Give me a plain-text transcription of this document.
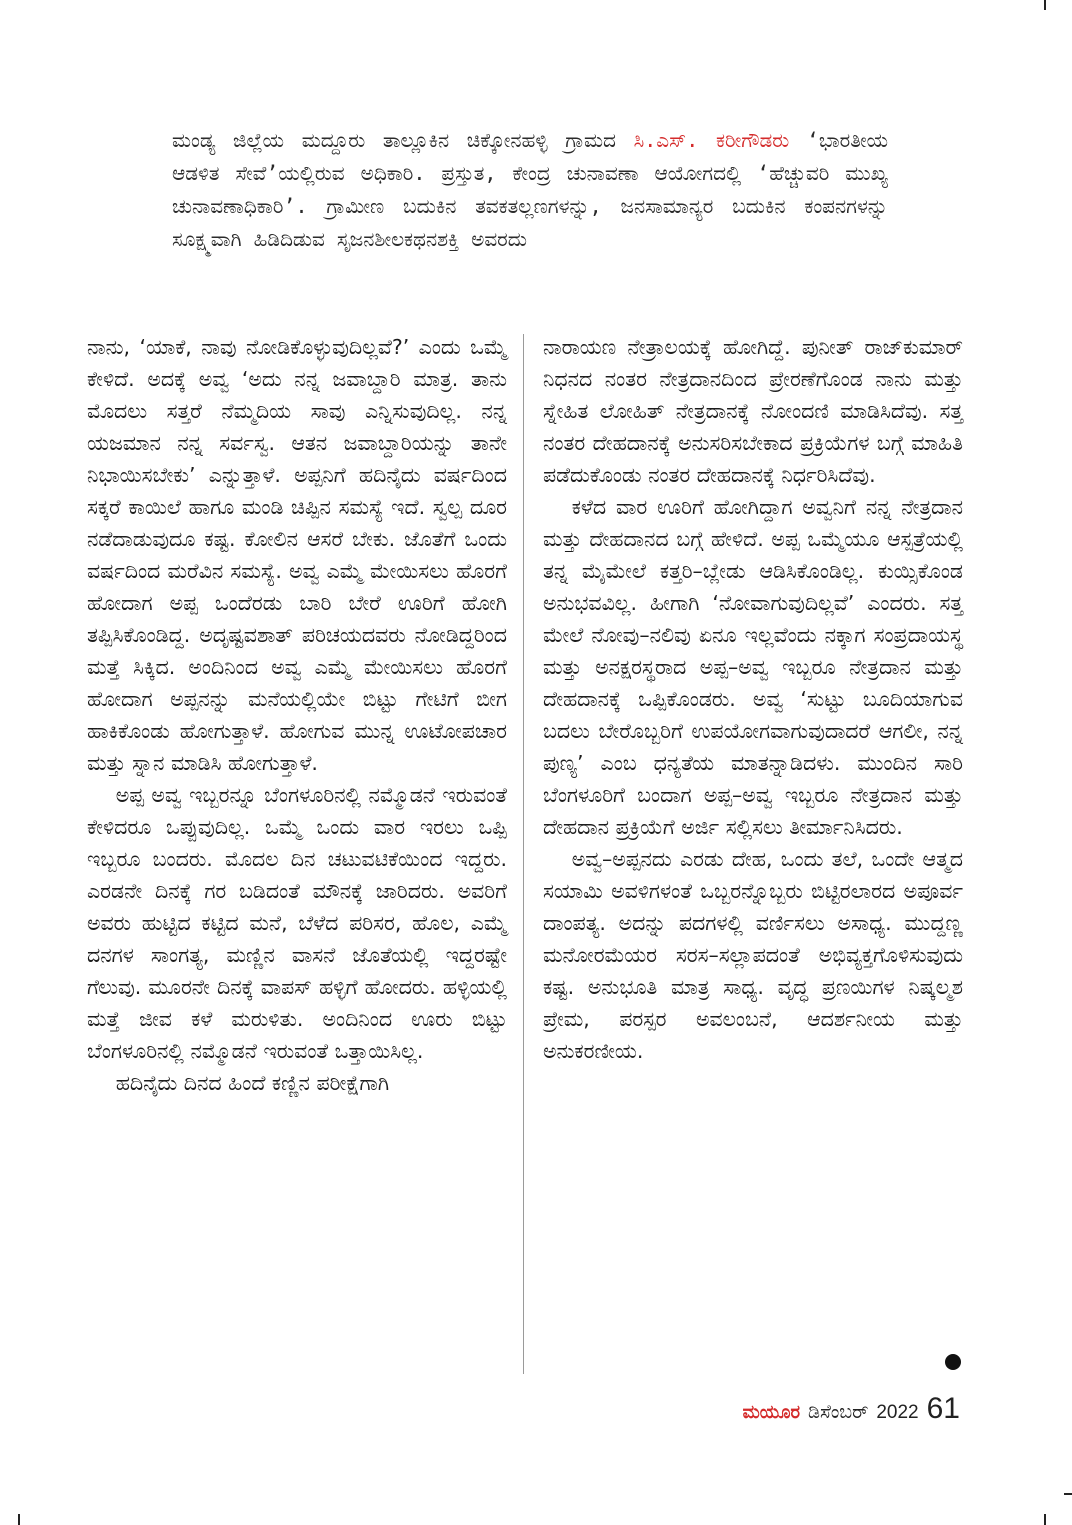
ಮಂಡ್ಯ ಜಿಲ್ಲೆಯ ಮದ್ದೂರು ತಾಲ್ಲೂಕಿನ ಚಿಕ್ಕೋನಹಳ್ಳಿ ಗ್ರಾಮದ ಸಿ.ಎಸ್. ಕರೀಗೌಡರು ‘ಭಾರತೀಯ ಆಡಳಿತ ಸೇವೆ’ಯಲ್ಲಿರುವ ಅಧಿಕಾರಿ. ಪ್ರಸ್ತುತ, ಕೇಂದ್ರ ಚುನಾವಣಾ ಆಯೋಗದಲ್ಲಿ ‘ಹೆಚ್ಚುವರಿ ಮುಖ್ಯ ಚುನಾವಣಾಧಿಕಾರಿ’. ಗ್ರಾಮೀಣ ಬದುಕಿನ ತವಕತಲ್ಲಣಗಳನ್ನು, ಜನಸಾಮಾನ್ಯರ ಬದುಕಿನ ಕಂಪನಗಳನ್ನು ಸೂಕ್ಷ್ಮವಾಗಿ ಹಿಡಿದಿಡುವ ಸೃಜನಶೀಲಕಥನಶಕ್ತಿ ಅವರದು

ನಾನು, ‘ಯಾಕೆ, ನಾವು ನೋಡಿಕೊಳ್ಳುವುದಿಲ್ಲವೆ?’ ಎಂದು ಒಮ್ಮೆ ಕೇಳಿದೆ. ಅದಕ್ಕೆ ಅವ್ವ ‘ಅದು ನನ್ನ ಜವಾಬ್ದಾರಿ ಮಾತ್ರ. ತಾನು ಮೊದಲು ಸತ್ತರೆ ನೆಮ್ಮದಿಯ ಸಾವು ಎನ್ನಿಸುವುದಿಲ್ಲ. ನನ್ನ ಯಜಮಾನ ನನ್ನ ಸರ್ವಸ್ವ. ಆತನ ಜವಾಬ್ದಾರಿಯನ್ನು ತಾನೇ ನಿಭಾಯಿಸಬೇಕು’ ಎನ್ನುತ್ತಾಳೆ. ಅಪ್ಪನಿಗೆ ಹದಿನೈದು ವರ್ಷದಿಂದ ಸಕ್ಕರೆ ಕಾಯಿಲೆ ಹಾಗೂ ಮಂಡಿ ಚಿಪ್ಪಿನ ಸಮಸ್ಯೆ ಇದೆ. ಸ್ವಲ್ಪ ದೂರ ನಡೆದಾಡುವುದೂ ಕಷ್ಟ. ಕೋಲಿನ ಆಸರೆ ಬೇಕು. ಜೊತೆಗೆ ಒಂದು ವರ್ಷದಿಂದ ಮರೆವಿನ ಸಮಸ್ಯೆ. ಅವ್ವ ಎಮ್ಮೆ ಮೇಯಿಸಲು ಹೊರಗೆ ಹೋದಾಗ ಅಪ್ಪ ಒಂದೆರಡು ಬಾರಿ ಬೇರೆ ಊರಿಗೆ ಹೋಗಿ ತಪ್ಪಿಸಿಕೊಂಡಿದ್ದ. ಅದೃಷ್ಟವಶಾತ್ ಪರಿಚಯದವರು ನೋಡಿದ್ದರಿಂದ ಮತ್ತೆ ಸಿಕ್ಕಿದ. ಅಂದಿನಿಂದ ಅವ್ವ ಎಮ್ಮೆ ಮೇಯಿಸಲು ಹೊರಗೆ ಹೋದಾಗ ಅಪ್ಪನನ್ನು ಮನೆಯಲ್ಲಿಯೇ ಬಿಟ್ಟು ಗೇಟಿಗೆ ಬೀಗ ಹಾಕಿಕೊಂಡು ಹೋಗುತ್ತಾಳೆ. ಹೋಗುವ ಮುನ್ನ ಊಟೋಪಚಾರ ಮತ್ತು ಸ್ನಾನ ಮಾಡಿಸಿ ಹೋಗುತ್ತಾಳೆ.

ಅಪ್ಪ ಅವ್ವ ಇಬ್ಬರನ್ನೂ ಬೆಂಗಳೂರಿನಲ್ಲಿ ನಮ್ಮೊಡನೆ ಇರುವಂತೆ ಕೇಳಿದರೂ ಒಪ್ಪುವುದಿಲ್ಲ. ಒಮ್ಮೆ ಒಂದು ವಾರ ಇರಲು ಒಪ್ಪಿ ಇಬ್ಬರೂ ಬಂದರು. ಮೊದಲ ದಿನ ಚಟುವಟಿಕೆಯಿಂದ ಇದ್ದರು. ಎರಡನೇ ದಿನಕ್ಕೆ ಗರ ಬಡಿದಂತೆ ಮೌನಕ್ಕೆ ಜಾರಿದರು. ಅವರಿಗೆ ಅವರು ಹುಟ್ಟಿದ ಕಟ್ಟಿದ ಮನೆ, ಬೆಳೆದ ಪರಿಸರ, ಹೊಲ, ಎಮ್ಮೆ ದನಗಳ ಸಾಂಗತ್ಯ, ಮಣ್ಣಿನ ವಾಸನೆ ಜೊತೆಯಲ್ಲಿ ಇದ್ದರಷ್ಟೇ ಗೆಲುವು. ಮೂರನೇ ದಿನಕ್ಕೆ ವಾಪಸ್ ಹಳ್ಳಿಗೆ ಹೋದರು. ಹಳ್ಳಿಯಲ್ಲಿ ಮತ್ತೆ ಜೀವ ಕಳೆ ಮರುಳಿತು. ಅಂದಿನಿಂದ ಊರು ಬಿಟ್ಟು ಬೆಂಗಳೂರಿನಲ್ಲಿ ನಮ್ಮೊಡನೆ ಇರುವಂತೆ ಒತ್ತಾಯಿಸಿಲ್ಲ.

ಹದಿನೈದು ದಿನದ ಹಿಂದೆ ಕಣ್ಣಿನ ಪರೀಕ್ಷೆಗಾಗಿ

ನಾರಾಯಣ ನೇತ್ರಾಲಯಕ್ಕೆ ಹೋಗಿದ್ದೆ. ಪುನೀತ್ ರಾಜ್‌ಕುಮಾರ್ ನಿಧನದ ನಂತರ ನೇತ್ರದಾನದಿಂದ ಪ್ರೇರಣೆಗೊಂಡ ನಾನು ಮತ್ತು ಸ್ನೇಹಿತ ಲೋಹಿತ್ ನೇತ್ರದಾನಕ್ಕೆ ನೋಂದಣಿ ಮಾಡಿಸಿದೆವು. ಸತ್ತ ನಂತರ ದೇಹದಾನಕ್ಕೆ ಅನುಸರಿಸಬೇಕಾದ ಪ್ರಕ್ರಿಯೆಗಳ ಬಗ್ಗೆ ಮಾಹಿತಿ ಪಡೆದುಕೊಂಡು ನಂತರ ದೇಹದಾನಕ್ಕೆ ನಿರ್ಧರಿಸಿದೆವು.

ಕಳೆದ ವಾರ ಊರಿಗೆ ಹೋಗಿದ್ದಾಗ ಅವ್ವನಿಗೆ ನನ್ನ ನೇತ್ರದಾನ ಮತ್ತು ದೇಹದಾನದ ಬಗ್ಗೆ ಹೇಳಿದೆ. ಅಪ್ಪ ಒಮ್ಮೆಯೂ ಆಸ್ಪತ್ರೆಯಲ್ಲಿ ತನ್ನ ಮೈಮೇಲೆ ಕತ್ತರಿ–ಬ್ಲೇಡು ಆಡಿಸಿಕೊಂಡಿಲ್ಲ. ಕುಯ್ಸಿಕೊಂಡ ಅನುಭವವಿಲ್ಲ. ಹೀಗಾಗಿ ‘ನೋವಾಗುವುದಿಲ್ಲವೆ’ ಎಂದರು. ಸತ್ತ ಮೇಲೆ ನೋವು–ನಲಿವು ಏನೂ ಇಲ್ಲವೆಂದು ನಕ್ಕಾಗ ಸಂಪ್ರದಾಯಸ್ಥ ಮತ್ತು ಅನಕ್ಷರಸ್ಥರಾದ ಅಪ್ಪ–ಅವ್ವ ಇಬ್ಬರೂ ನೇತ್ರದಾನ ಮತ್ತು ದೇಹದಾನಕ್ಕೆ ಒಪ್ಪಿಕೊಂಡರು. ಅವ್ವ ‘ಸುಟ್ಟು ಬೂದಿಯಾಗುವ ಬದಲು ಬೇರೊಬ್ಬರಿಗೆ ಉಪಯೋಗವಾಗುವುದಾದರೆ ಆಗಲೀ, ನನ್ನ ಪುಣ್ಯ’ ಎಂಬ ಧನ್ಯತೆಯ ಮಾತನ್ನಾಡಿದಳು. ಮುಂದಿನ ಸಾರಿ ಬೆಂಗಳೂರಿಗೆ ಬಂದಾಗ ಅಪ್ಪ–ಅವ್ವ ಇಬ್ಬರೂ ನೇತ್ರದಾನ ಮತ್ತು ದೇಹದಾನ ಪ್ರಕ್ರಿಯೆಗೆ ಅರ್ಜಿ ಸಲ್ಲಿಸಲು ತೀರ್ಮಾನಿಸಿದರು.

ಅವ್ವ–ಅಪ್ಪನದು ಎರಡು ದೇಹ, ಒಂದು ತಲೆ, ಒಂದೇ ಆತ್ಮದ ಸಯಾಮಿ ಅವಳಿಗಳಂತೆ ಒಬ್ಬರನ್ನೊಬ್ಬರು ಬಿಟ್ಟಿರಲಾರದ ಅಪೂರ್ವ ದಾಂಪತ್ಯ. ಅದನ್ನು ಪದಗಳಲ್ಲಿ ವರ್ಣಿಸಲು ಅಸಾಧ್ಯ. ಮುದ್ದಣ್ಣ ಮನೋರಮೆಯರ ಸರಸ–ಸಲ್ಲಾಪದಂತೆ ಅಭಿವ್ಯಕ್ತಗೊಳಿಸುವುದು ಕಷ್ಟ. ಅನುಭೂತಿ ಮಾತ್ರ ಸಾಧ್ಯ. ವೃದ್ಧ ಪ್ರಣಯಿಗಳ ನಿಷ್ಕಲ್ಮಶ ಪ್ರೇಮ, ಪರಸ್ಪರ ಅವಲಂಬನೆ, ಆದರ್ಶನೀಯ ಮತ್ತು ಅನುಕರಣೀಯ.

ಮಯೂರ ಡಿಸೆಂಬರ್ 2022 61
